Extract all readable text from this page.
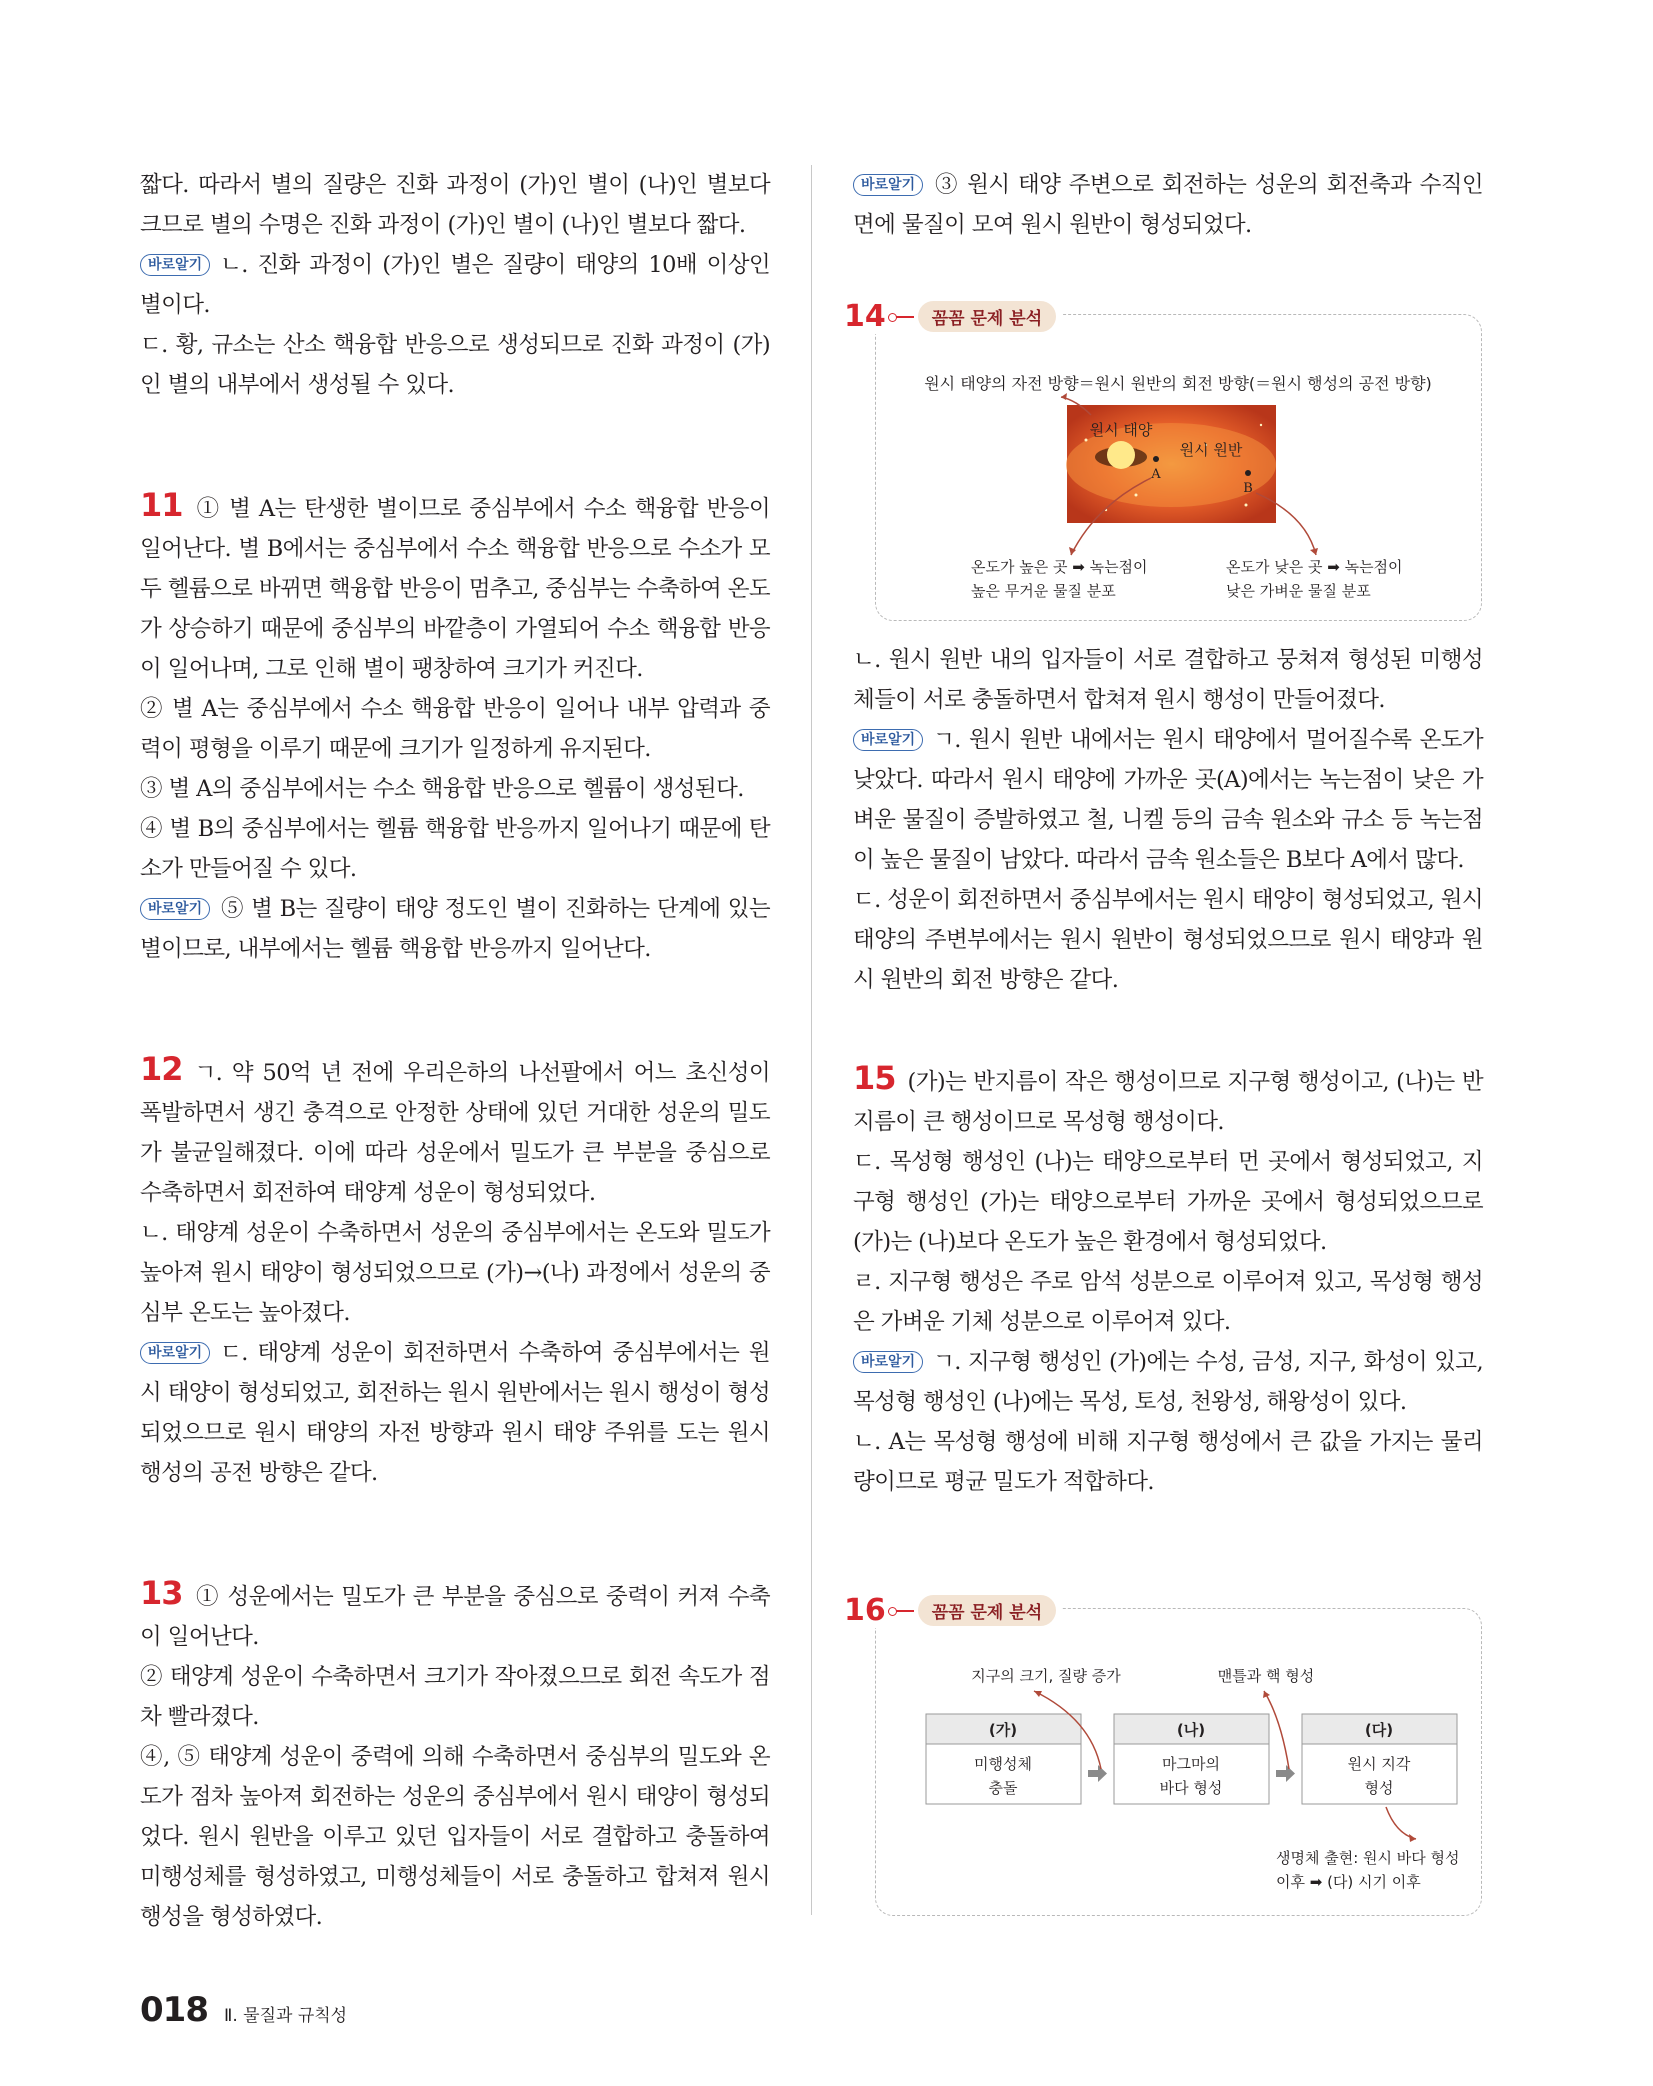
짧다. 따라서 별의 질량은 진화 과정이 (가)인 별이 (나)인 별보다 크므로 별의 수명은 진화 과정이 (가)인 별이 (나)인 별보다 짧다.

바로알기 ㄴ. 진화 과정이 (가)인 별은 질량이 태양의 10배 이상인 별이다.

ㄷ. 황, 규소는 산소 핵융합 반응으로 생성되므로 진화 과정이 (가)인 별의 내부에서 생성될 수 있다.

11 ① 별 A는 탄생한 별이므로 중심부에서 수소 핵융합 반응이 일어난다. 별 B에서는 중심부에서 수소 핵융합 반응으로 수소가 모두 헬륨으로 바뀌면 핵융합 반응이 멈추고, 중심부는 수축하여 온도가 상승하기 때문에 중심부의 바깥층이 가열되어 수소 핵융합 반응이 일어나며, 그로 인해 별이 팽창하여 크기가 커진다.

② 별 A는 중심부에서 수소 핵융합 반응이 일어나 내부 압력과 중력이 평형을 이루기 때문에 크기가 일정하게 유지된다.

③ 별 A의 중심부에서는 수소 핵융합 반응으로 헬륨이 생성된다.

④ 별 B의 중심부에서는 헬륨 핵융합 반응까지 일어나기 때문에 탄소가 만들어질 수 있다.

바로알기 ⑤ 별 B는 질량이 태양 정도인 별이 진화하는 단계에 있는 별이므로, 내부에서는 헬륨 핵융합 반응까지 일어난다.

12 ㄱ. 약 50억 년 전에 우리은하의 나선팔에서 어느 초신성이 폭발하면서 생긴 충격으로 안정한 상태에 있던 거대한 성운의 밀도가 불균일해졌다. 이에 따라 성운에서 밀도가 큰 부분을 중심으로 수축하면서 회전하여 태양계 성운이 형성되었다.

ㄴ. 태양계 성운이 수축하면서 성운의 중심부에서는 온도와 밀도가 높아져 원시 태양이 형성되었으므로 (가)→(나) 과정에서 성운의 중심부 온도는 높아졌다.

바로알기 ㄷ. 태양계 성운이 회전하면서 수축하여 중심부에서는 원시 태양이 형성되었고, 회전하는 원시 원반에서는 원시 행성이 형성되었으므로 원시 태양의 자전 방향과 원시 태양 주위를 도는 원시 행성의 공전 방향은 같다.

13 ① 성운에서는 밀도가 큰 부분을 중심으로 중력이 커져 수축이 일어난다.

② 태양계 성운이 수축하면서 크기가 작아졌으므로 회전 속도가 점차 빨라졌다.

④, ⑤ 태양계 성운이 중력에 의해 수축하면서 중심부의 밀도와 온도가 점차 높아져 회전하는 성운의 중심부에서 원시 태양이 형성되었다. 원시 원반을 이루고 있던 입자들이 서로 결합하고 충돌하여 미행성체를 형성하였고, 미행성체들이 서로 충돌하고 합쳐져 원시 행성을 형성하였다.

바로알기 ③ 원시 태양 주변으로 회전하는 성운의 회전축과 수직인 면에 물질이 모여 원시 원반이 형성되었다.

14	꼼꼼 문제 분석
원시 태양의 자전 방향＝원시 원반의 회전 방향(＝원시 행성의 공전 방향)
원시 태양
원시 원반
A
B
온도가 높은 곳 ➡ 녹는점이
높은 무거운 물질 분포
온도가 낮은 곳 ➡ 녹는점이
낮은 가벼운 물질 분포

ㄴ. 원시 원반 내의 입자들이 서로 결합하고 뭉쳐져 형성된 미행성체들이 서로 충돌하면서 합쳐져 원시 행성이 만들어졌다.

바로알기 ㄱ. 원시 원반 내에서는 원시 태양에서 멀어질수록 온도가 낮았다. 따라서 원시 태양에 가까운 곳(A)에서는 녹는점이 낮은 가벼운 물질이 증발하였고 철, 니켈 등의 금속 원소와 규소 등 녹는점이 높은 물질이 남았다. 따라서 금속 원소들은 B보다 A에서 많다.

ㄷ. 성운이 회전하면서 중심부에서는 원시 태양이 형성되었고, 원시 태양의 주변부에서는 원시 원반이 형성되었으므로 원시 태양과 원시 원반의 회전 방향은 같다.

15 (가)는 반지름이 작은 행성이므로 지구형 행성이고, (나)는 반지름이 큰 행성이므로 목성형 행성이다.

ㄷ. 목성형 행성인 (나)는 태양으로부터 먼 곳에서 형성되었고, 지구형 행성인 (가)는 태양으로부터 가까운 곳에서 형성되었으므로 (가)는 (나)보다 온도가 높은 환경에서 형성되었다.

ㄹ. 지구형 행성은 주로 암석 성분으로 이루어져 있고, 목성형 행성은 가벼운 기체 성분으로 이루어져 있다.

바로알기 ㄱ. 지구형 행성인 (가)에는 수성, 금성, 지구, 화성이 있고, 목성형 행성인 (나)에는 목성, 토성, 천왕성, 해왕성이 있다.

ㄴ. A는 목성형 행성에 비해 지구형 행성에서 큰 값을 가지는 물리량이므로 평균 밀도가 적합하다.

16	꼼꼼 문제 분석
지구의 크기, 질량 증가	맨틀과 핵 형성
(가)
미행성체
충돌
(나)
마그마의
바다 형성
(다)
원시 지각
형성
생명체 출현: 원시 바다 형성
이후 ➡ (다) 시기 이후
018 Ⅱ. 물질과 규칙성
